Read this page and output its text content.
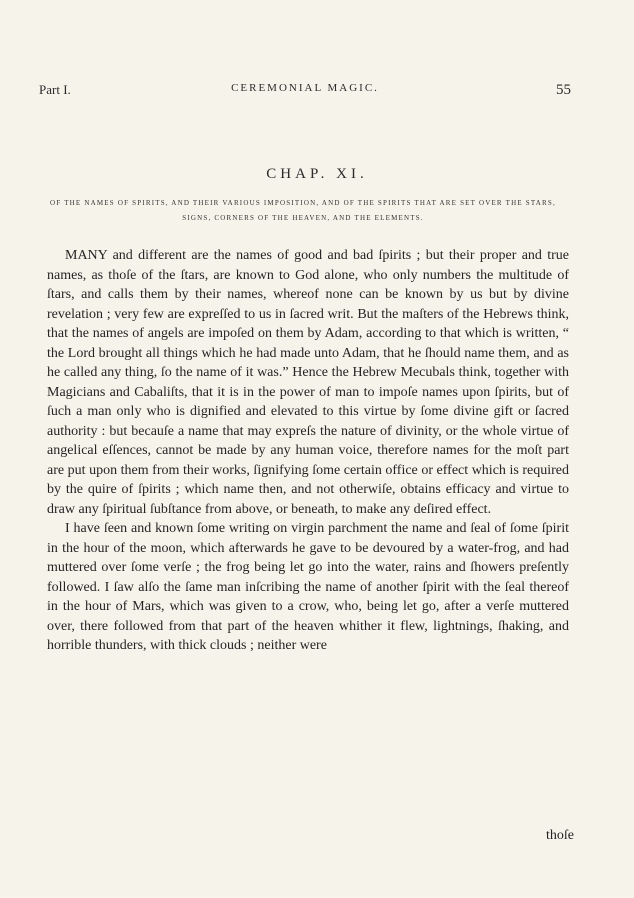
Part I.	CEREMONIAL MAGIC.	55
CHAP. XI.
OF THE NAMES OF SPIRITS, AND THEIR VARIOUS IMPOSITION, AND OF THE SPIRITS THAT ARE SET OVER THE STARS, SIGNS, CORNERS OF THE HEAVEN, AND THE ELEMENTS.

MANY and different are the names of good and bad ſpirits ; but their proper and true names, as thoſe of the ſtars, are known to God alone, who only numbers the multitude of ſtars, and calls them by their names, whereof none can be known by us but by divine revelation ; very few are expreſſed to us in ſacred writ. But the maſters of the Hebrews think, that the names of angels are impoſed on them by Adam, according to that which is written, “ the Lord brought all things which he had made unto Adam, that he ſhould name them, and as he called any thing, ſo the name of it was.” Hence the Hebrew Mecubals think, together with Magicians and Cabaliſts, that it is in the power of man to impoſe names upon ſpirits, but of ſuch a man only who is dignified and elevated to this virtue by ſome divine gift or ſacred authority : but becauſe a name that may expreſs the nature of divinity, or the whole virtue of angelical eſſences, cannot be made by any human voice, therefore names for the moſt part are put upon them from their works, ſignifying ſome certain office or effect which is required by the quire of ſpirits ; which name then, and not otherwiſe, obtains efficacy and virtue to draw any ſpiritual ſubſtance from above, or beneath, to make any deſired effect.

I have ſeen and known ſome writing on virgin parchment the name and ſeal of ſome ſpirit in the hour of the moon, which afterwards he gave to be devoured by a water-frog, and had muttered over ſome verſe ; the frog being let go into the water, rains and ſhowers preſently followed. I ſaw alſo the ſame man inſcribing the name of another ſpirit with the ſeal thereof in the hour of Mars, which was given to a crow, who, being let go, after a verſe muttered over, there followed from that part of the heaven whither it flew, lightnings, ſhaking, and horrible thunders, with thick clouds ; neither were

thoſe
